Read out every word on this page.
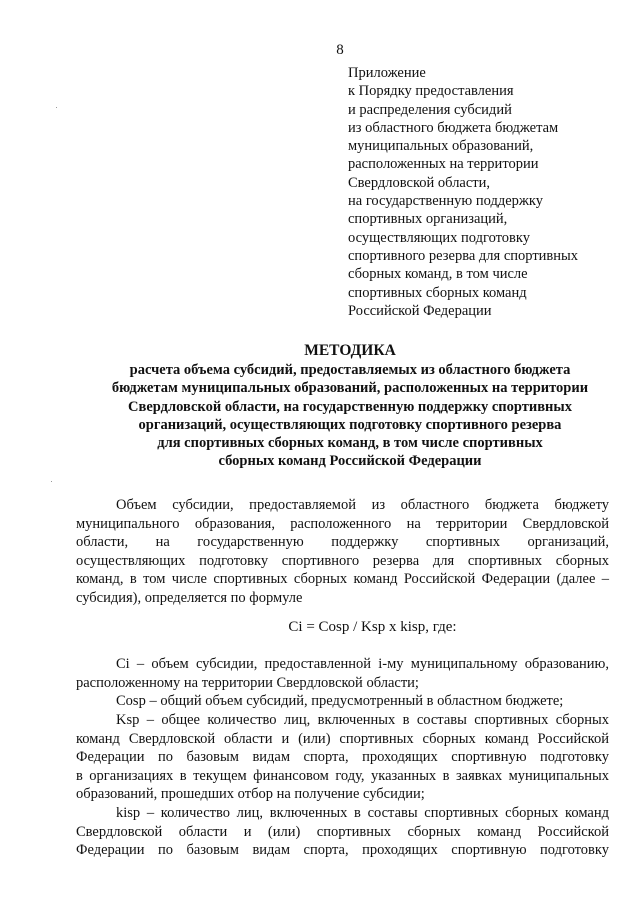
8
Приложение
к Порядку предоставления
и распределения субсидий
из областного бюджета бюджетам
муниципальных образований,
расположенных на территории
Свердловской области,
на государственную поддержку
спортивных организаций,
осуществляющих подготовку
спортивного резерва для спортивных
сборных команд, в том числе
спортивных сборных команд
Российской Федерации
МЕТОДИКА
расчета объема субсидий, предоставляемых из областного бюджета
бюджетам муниципальных образований, расположенных на территории
Свердловской области, на государственную поддержку спортивных
организаций, осуществляющих подготовку спортивного резерва
для спортивных сборных команд, в том числе спортивных
сборных команд Российской Федерации
Объем субсидии, предоставляемой из областного бюджета бюджету
муниципального образования, расположенного на территории Свердловской
области, на государственную поддержку спортивных организаций,
осуществляющих подготовку спортивного резерва для спортивных сборных
команд, в том числе спортивных сборных команд Российской Федерации (далее –
субсидия), определяется по формуле
Ci = Cosp / Ksp x kisp, где:
Ci – объем субсидии, предоставленной i-му муниципальному образованию,
расположенному на территории Свердловской области;
Cosp – общий объем субсидий, предусмотренный в областном бюджете;
Ksp – общее количество лиц, включенных в составы спортивных сборных
команд Свердловской области и (или) спортивных сборных команд Российской
Федерации по базовым видам спорта, проходящих спортивную подготовку
в организациях в текущем финансовом году, указанных в заявках муниципальных
образований, прошедших отбор на получение субсидии;
kisp – количество лиц, включенных в составы спортивных сборных команд
Свердловской области и (или) спортивных сборных команд Российской
Федерации по базовым видам спорта, проходящих спортивную подготовку
